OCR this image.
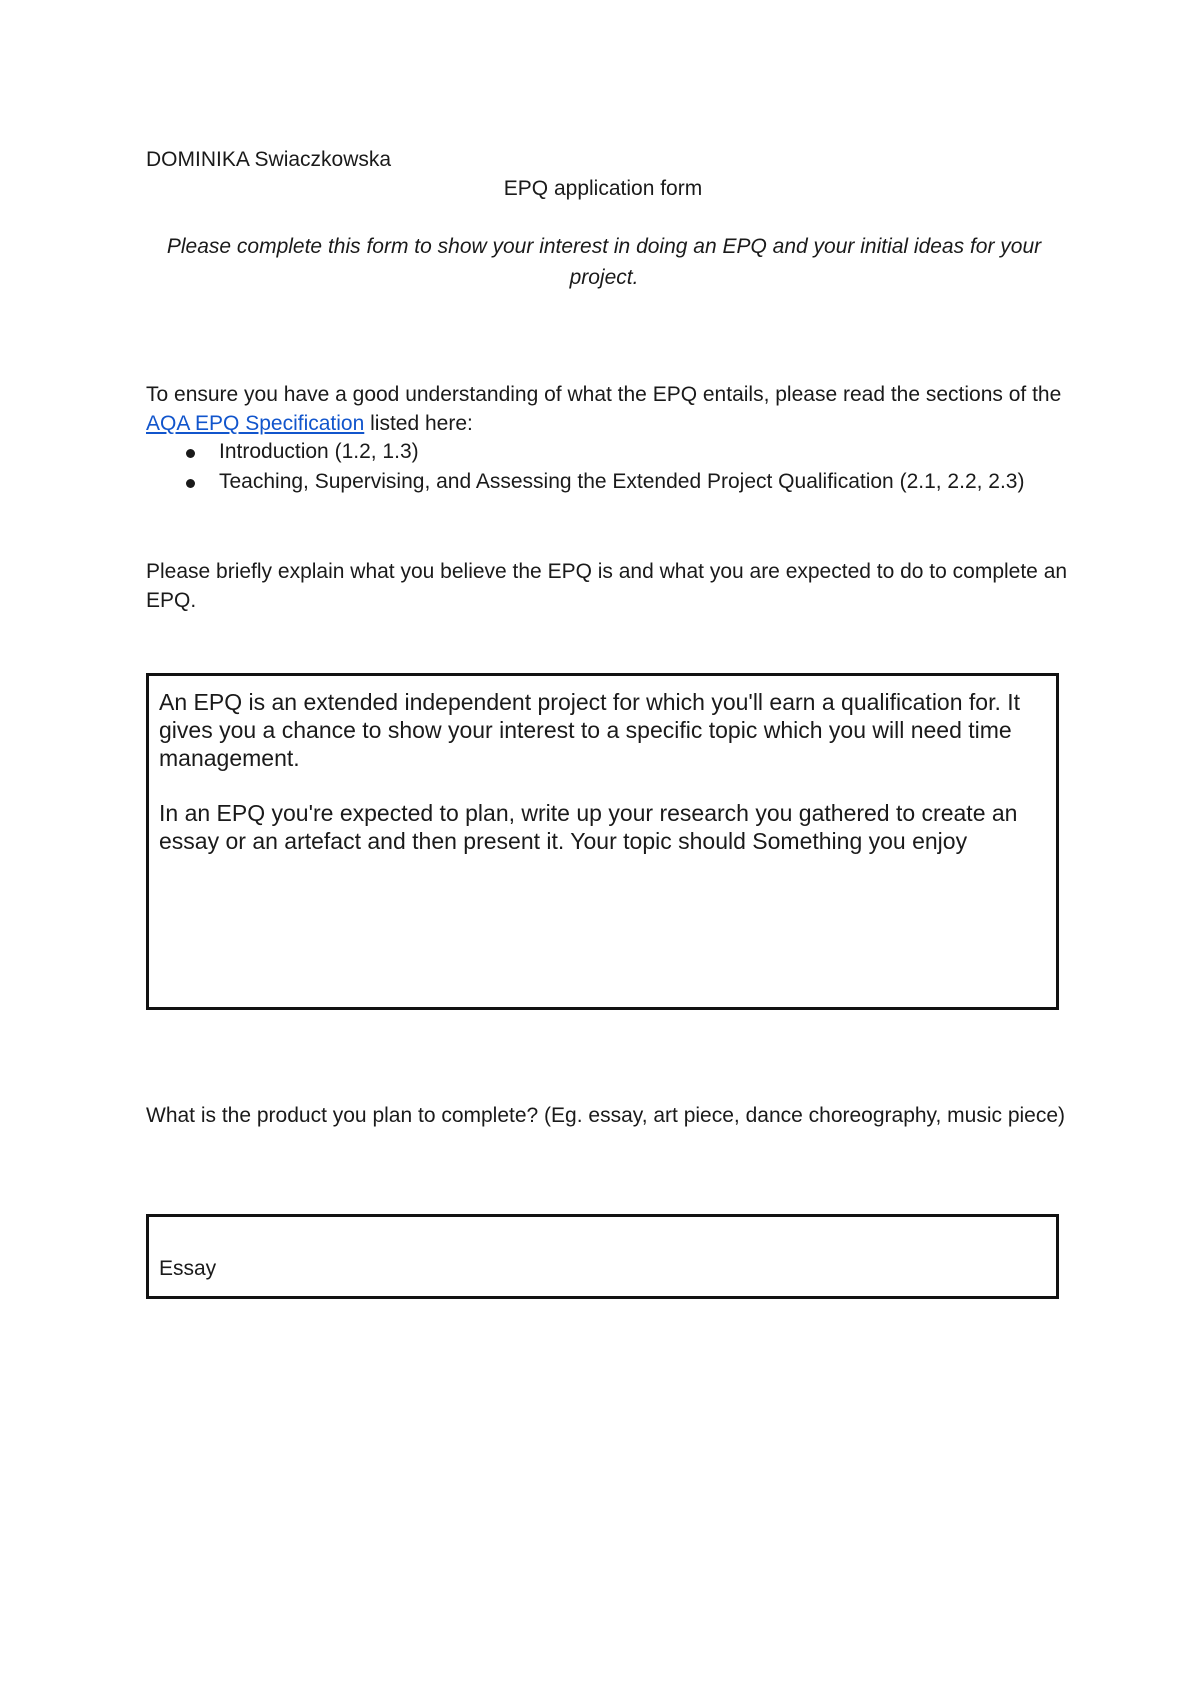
DOMINIKA Swiaczkowska
EPQ application form
Please complete this form to show your interest in doing an EPQ and your initial ideas for your project.
To ensure you have a good understanding of what the EPQ entails, please read the sections of the AQA EPQ Specification listed here:
Introduction (1.2, 1.3)
Teaching, Supervising, and Assessing the Extended Project Qualification (2.1, 2.2, 2.3)
Please briefly explain what you believe the EPQ is and what you are expected to do to complete an EPQ.

An EPQ is an extended independent project for which you'll earn a qualification for. It gives you a chance to show your interest to a specific topic which you will need time management.

In an EPQ you're expected to plan, write up your research you gathered to create an essay or an artefact and then present it. Your topic should Something you enjoy

What is the product you plan to complete? (Eg. essay, art piece, dance choreography, music piece)
Essay
